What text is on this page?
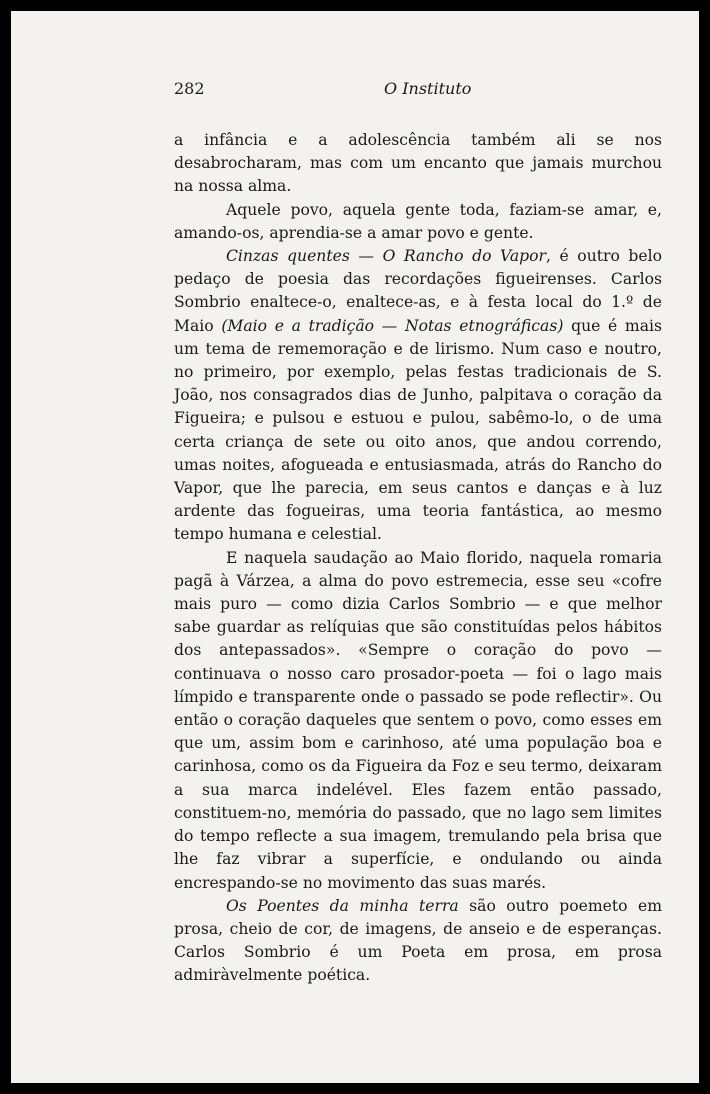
282	O Instituto

a infância e a adolescência também ali se nos desabrocharam, mas com um encanto que jamais murchou na nossa alma.

Aquele povo, aquela gente toda, faziam-se amar, e, amando-os, aprendia-se a amar povo e gente.

Cinzas quentes — O Rancho do Vapor, é outro belo pedaço de poesia das recordações figueirenses. Carlos Sombrio enaltece-o, enaltece-as, e à festa local do 1.º de Maio (Maio e a tradição — Notas etnográficas) que é mais um tema de rememoração e de lirismo. Num caso e noutro, no primeiro, por exemplo, pelas festas tradicionais de S. João, nos consagrados dias de Junho, palpitava o coração da Figueira; e pulsou e estuou e pulou, sabêmo-lo, o de uma certa criança de sete ou oito anos, que andou correndo, umas noites, afogueada e entusiasmada, atrás do Rancho do Vapor, que lhe parecia, em seus cantos e danças e à luz ardente das fogueiras, uma teoria fantástica, ao mesmo tempo humana e celestial.

E naquela saudação ao Maio florido, naquela romaria pagã à Várzea, a alma do povo estremecia, esse seu «cofre mais puro — como dizia Carlos Sombrio — e que melhor sabe guardar as relíquias que são constituídas pelos hábitos dos antepassados». «Sempre o coração do povo — continuava o nosso caro prosador-poeta — foi o lago mais límpido e transparente onde o passado se pode reflectir». Ou então o coração daqueles que sentem o povo, como esses em que um, assim bom e carinhoso, até uma população boa e carinhosa, como os da Figueira da Foz e seu termo, deixaram a sua marca indelével. Eles fazem então passado, constituem-no, memória do passado, que no lago sem limites do tempo reflecte a sua imagem, tremulando pela brisa que lhe faz vibrar a superfície, e ondulando ou ainda encrespando-se no movimento das suas marés.

Os Poentes da minha terra são outro poemeto em prosa, cheio de cor, de imagens, de anseio e de esperanças. Carlos Sombrio é um Poeta em prosa, em prosa admiràvelmente poética.
